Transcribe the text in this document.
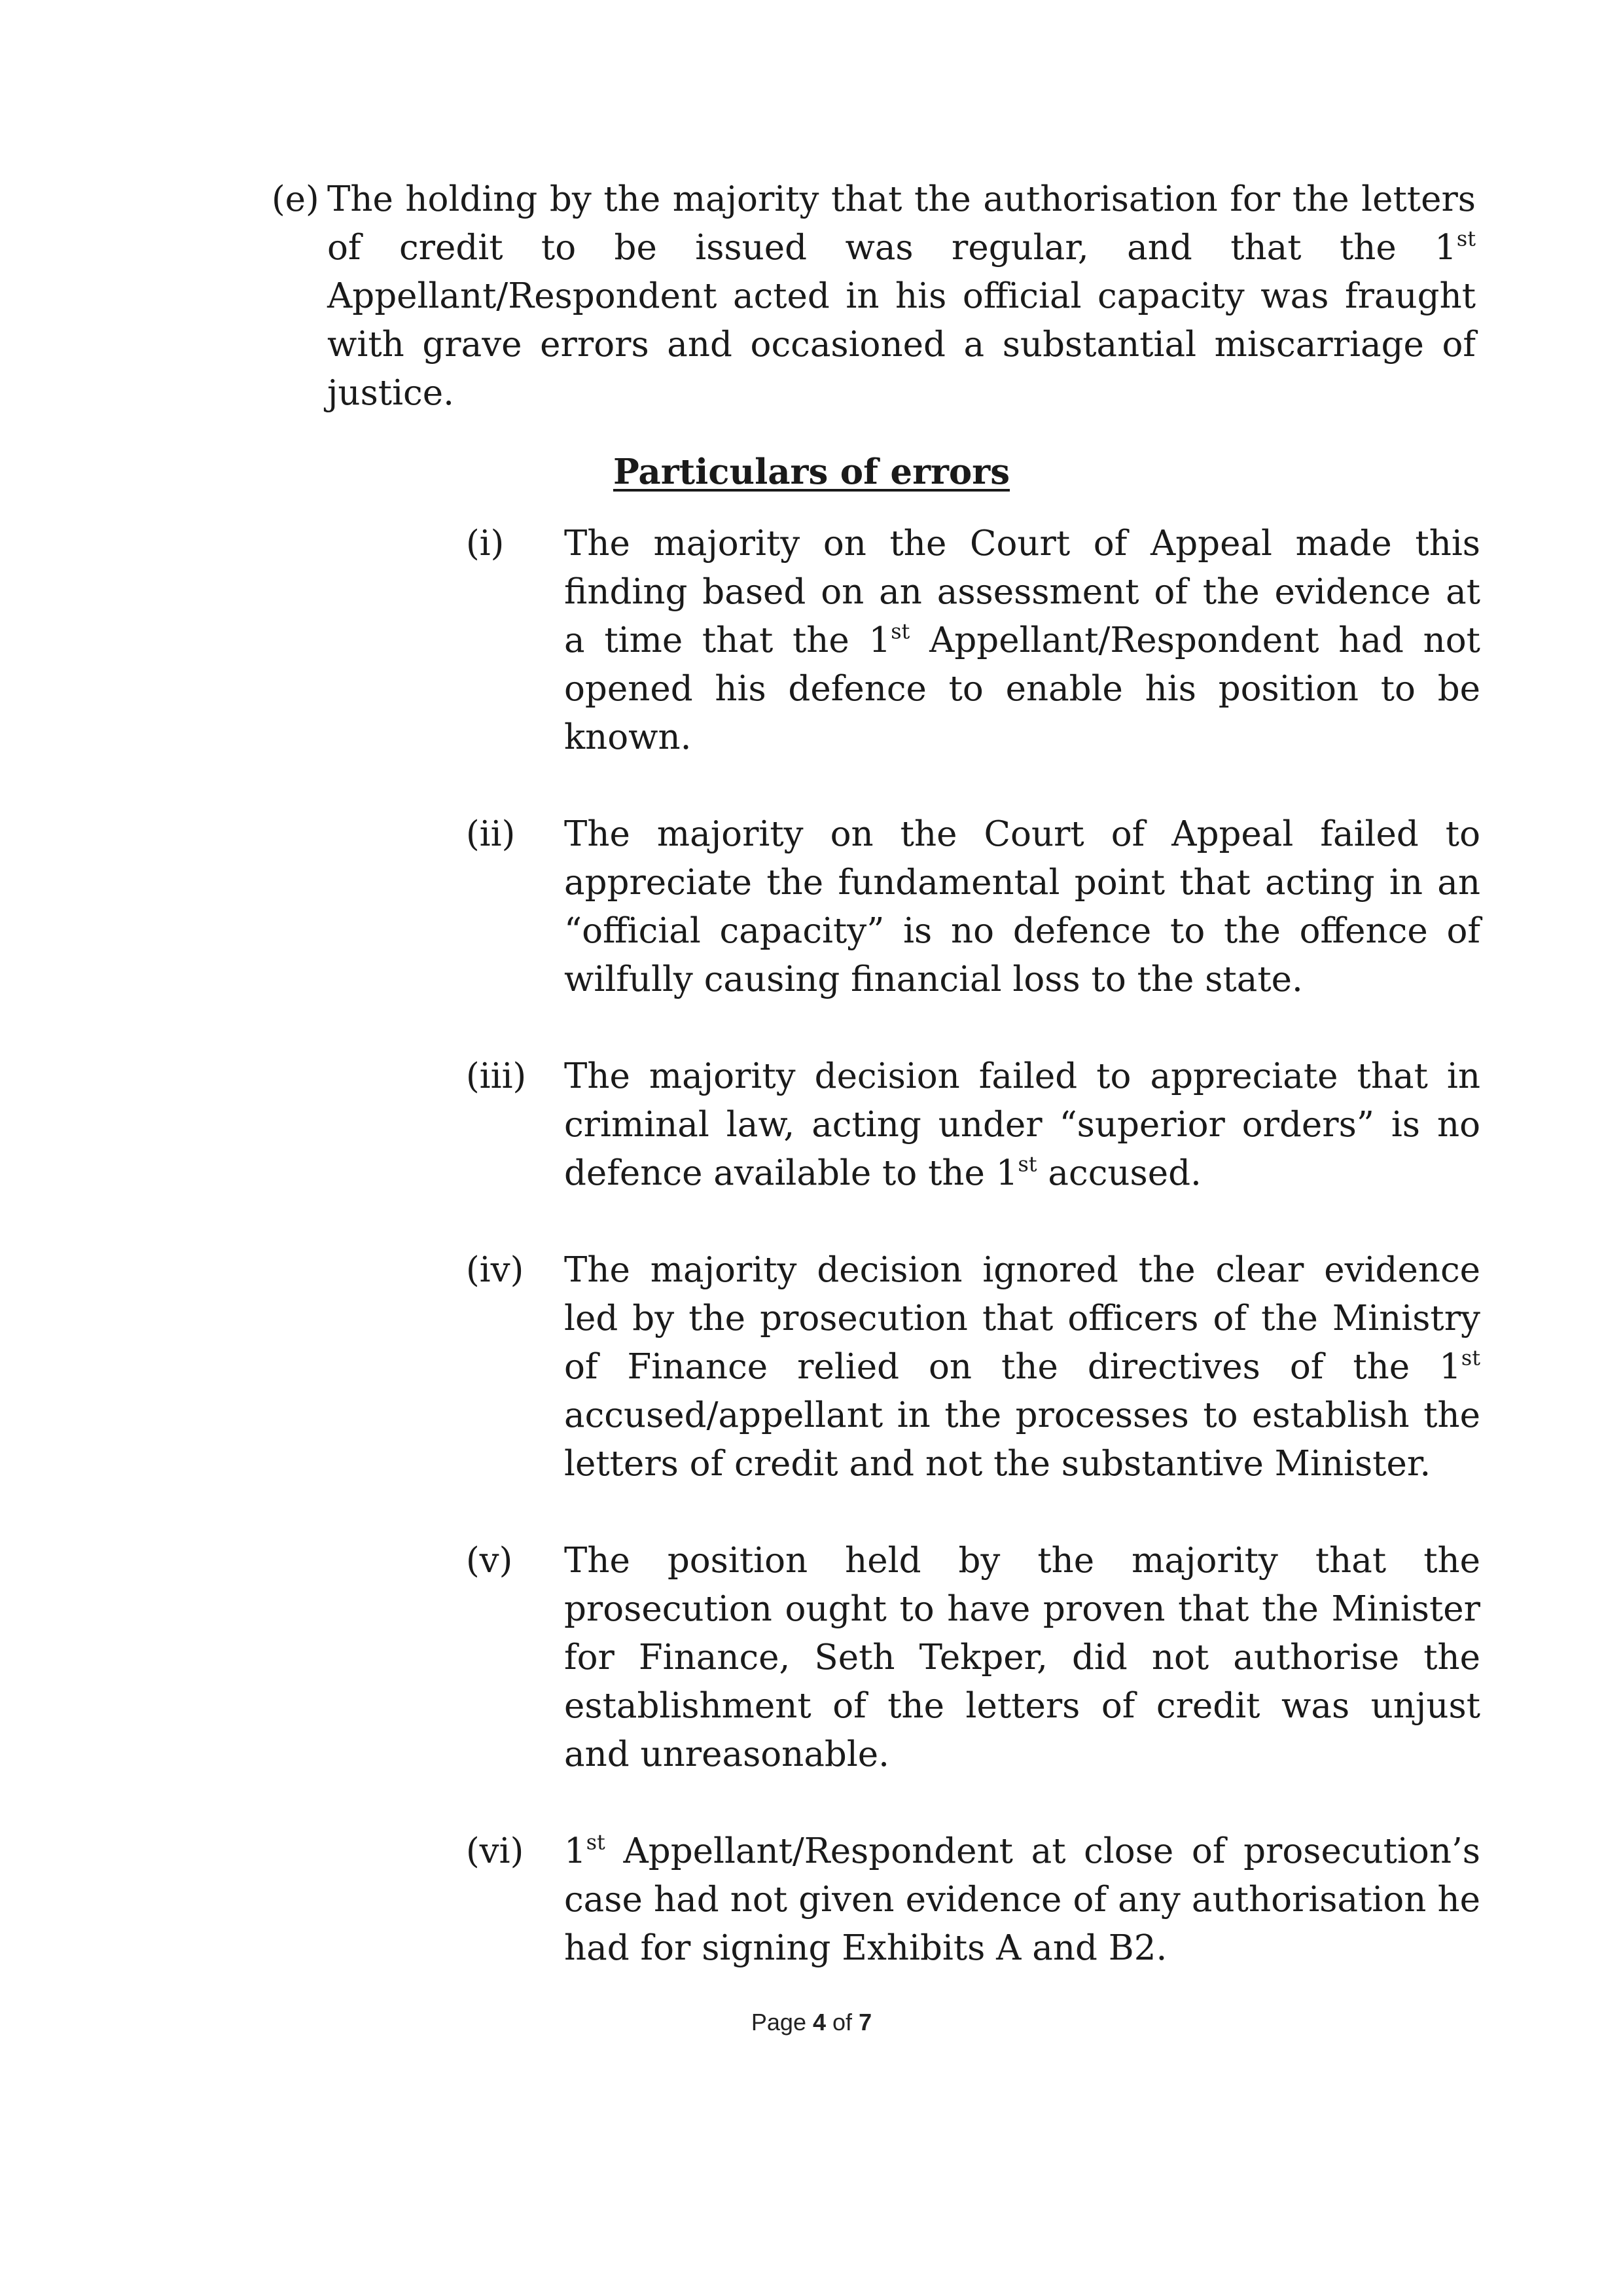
(e) The holding by the majority that the authorisation for the letters of credit to be issued was regular, and that the 1st Appellant/Respondent acted in his official capacity was fraught with grave errors and occasioned a substantial miscarriage of justice.
Particulars of errors
(i) The majority on the Court of Appeal made this finding based on an assessment of the evidence at a time that the 1st Appellant/Respondent had not opened his defence to enable his position to be known.
(ii) The majority on the Court of Appeal failed to appreciate the fundamental point that acting in an “official capacity” is no defence to the offence of wilfully causing financial loss to the state.
(iii) The majority decision failed to appreciate that in criminal law, acting under “superior orders” is no defence available to the 1st accused.
(iv) The majority decision ignored the clear evidence led by the prosecution that officers of the Ministry of Finance relied on the directives of the 1st accused/appellant in the processes to establish the letters of credit and not the substantive Minister.
(v) The position held by the majority that the prosecution ought to have proven that the Minister for Finance, Seth Tekper, did not authorise the establishment of the letters of credit was unjust and unreasonable.
(vi) 1st Appellant/Respondent at close of prosecution’s case had not given evidence of any authorisation he had for signing Exhibits A and B2.
Page 4 of 7
